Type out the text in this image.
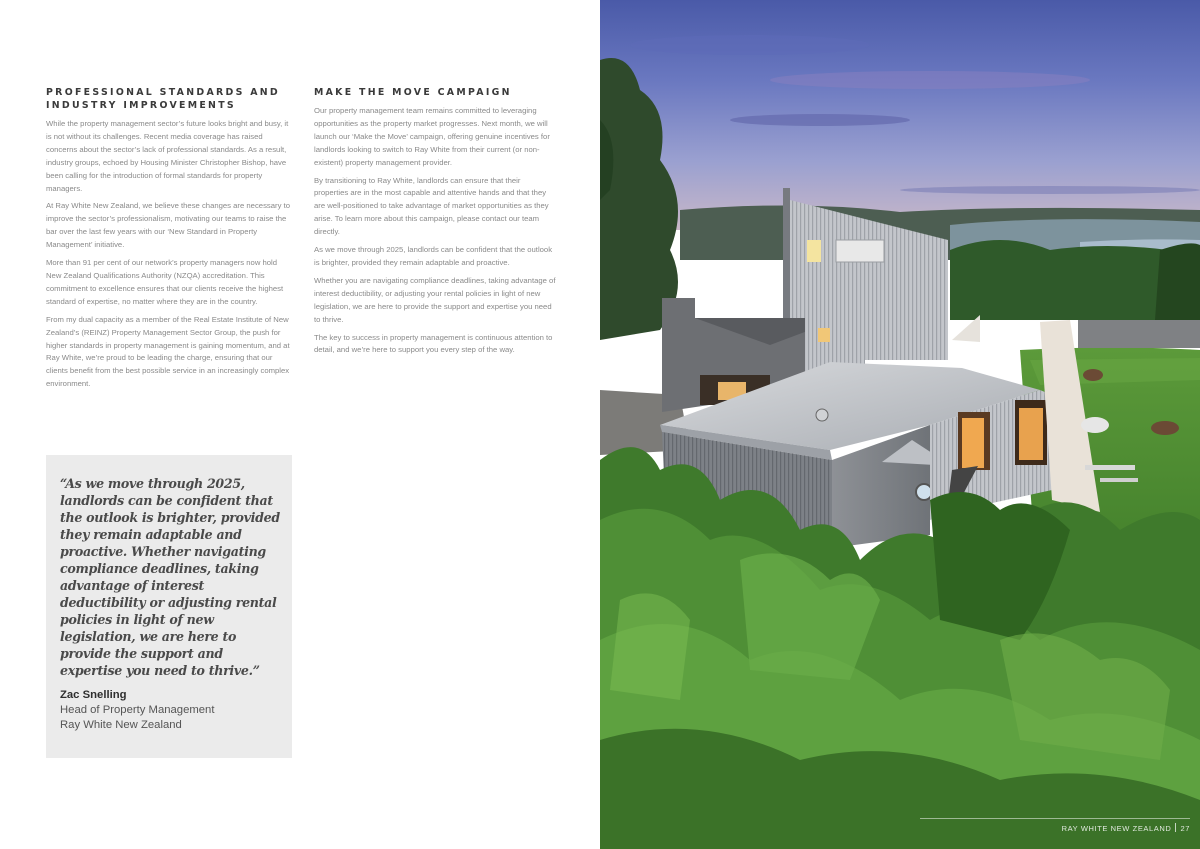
PROFESSIONAL STANDARDS AND INDUSTRY IMPROVEMENTS

While the property management sector’s future looks bright and busy, it is not without its challenges. Recent media coverage has raised concerns about the sector’s lack of professional standards. As a result, industry groups, echoed by Housing Minister Christopher Bishop, have been calling for the introduction of formal standards for property managers.

At Ray White New Zealand, we believe these changes are necessary to improve the sector’s professionalism, motivating our teams to raise the bar over the last few years with our ‘New Standard in Property Management’ initiative.

More than 91 per cent of our network’s property managers now hold New Zealand Qualifications Authority (NZQA) accreditation. This commitment to excellence ensures that our clients receive the highest standard of expertise, no matter where they are in the country.

From my dual capacity as a member of the Real Estate Institute of New Zealand’s (REINZ) Property Management Sector Group, the push for higher standards in property management is gaining momentum, and at Ray White, we’re proud to be leading the charge, ensuring that our clients benefit from the best possible service in an increasingly complex environment.

MAKE THE MOVE CAMPAIGN

Our property management team remains committed to leveraging opportunities as the property market progresses. Next month, we will launch our ‘Make the Move’ campaign, offering genuine incentives for landlords looking to switch to Ray White from their current (or non-existent) property management provider.

By transitioning to Ray White, landlords can ensure that their properties are in the most capable and attentive hands and that they are well-positioned to take advantage of market opportunities as they arise. To learn more about this campaign, please contact our team directly.

As we move through 2025, landlords can be confident that the outlook is brighter, provided they remain adaptable and proactive.

Whether you are navigating compliance deadlines, taking advantage of interest deductibility, or adjusting your rental policies in light of new legislation, we are here to provide the support and expertise you need to thrive.

The key to success in property management is continuous attention to detail, and we’re here to support you every step of the way.

“As we move through 2025, landlords can be confident that the outlook is brighter, provided they remain adaptable and proactive. Whether navigating compliance deadlines, taking advantage of interest deductibility or adjusting rental policies in light of new legislation, we are here to provide the support and expertise you need to thrive.”

Zac Snelling
Head of Property Management
Ray White New Zealand
RAY WHITE NEW ZEALAND 27
